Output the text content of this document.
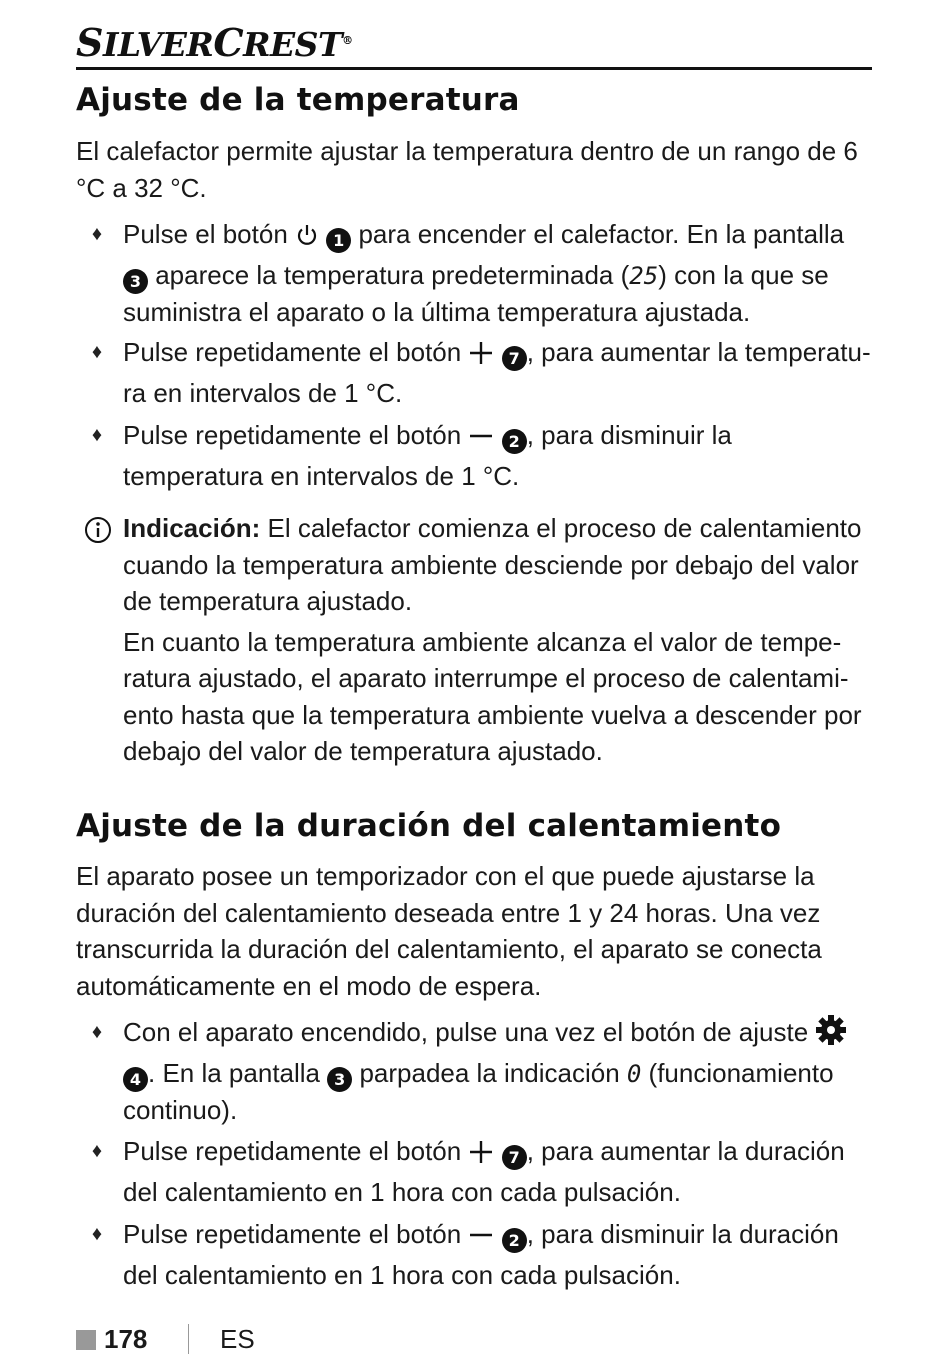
SILVERCREST®
Ajuste de la temperatura
El calefactor permite ajustar la temperatura dentro de un rango de 6 °C a 32 °C.
♦ Pulse el botón  1 para encender el calefactor. En la pantalla 3 aparece la temperatura predeterminada (25) con la que se suministra el aparato o la última temperatura ajustada.
♦ Pulse repetidamente el botón	7 , para aumentar la temperatura en intervalos de 1 °C.
♦ Pulse repetidamente el botón	2 , para disminuir la temperatura en intervalos de 1 °C.
Indicación: El calefactor comienza el proceso de calentamiento cuando la temperatura ambiente desciende por debajo del valor de temperatura ajustado.
En cuanto la temperatura ambiente alcanza el valor de temperatura ajustado, el aparato interrumpe el proceso de calentamiento hasta que la temperatura ambiente vuelva a descender por debajo del valor de temperatura ajustado.
Ajuste de la duración del calentamiento
El aparato posee un temporizador con el que puede ajustarse la duración del calentamiento deseada entre 1 y 24 horas. Una vez transcurrida la duración del calentamiento, el aparato se conecta automáticamente en el modo de espera.
♦ Con el aparato encendido, pulse una vez el botón de ajuste
4 . En la pantalla 3 parpadea la indicación 0 (funcionamiento continuo).
♦ Pulse repetidamente el botón	7 , para aumentar la duración del calentamiento en 1 hora con cada pulsación.
♦ Pulse repetidamente el botón	2 , para disminuir la duración del calentamiento en 1 hora con cada pulsación.
178	ES
